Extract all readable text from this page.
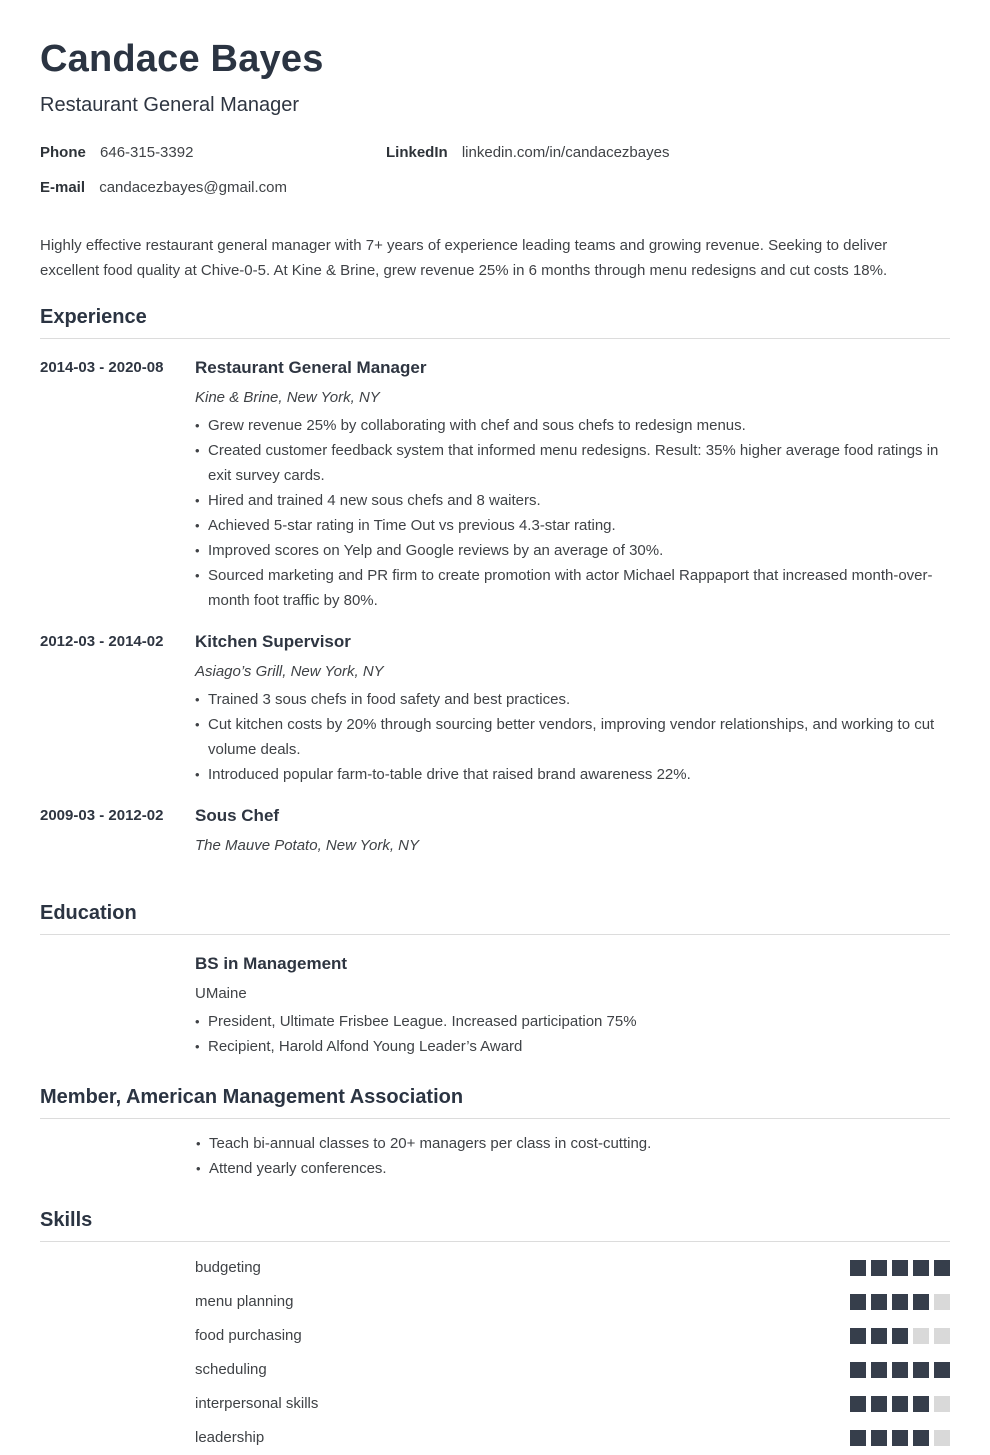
Candace Bayes
Restaurant General Manager
Phone 646-315-3392	LinkedIn linkedin.com/in/candacezbayes
E-mail candacezbayes@gmail.com

Highly effective restaurant general manager with 7+ years of experience leading teams and growing revenue. Seeking to deliver excellent food quality at Chive-0-5. At Kine & Brine, grew revenue 25% in 6 months through menu redesigns and cut costs 18%.

Experience
2014-03 - 2020-08	Restaurant General Manager
Kine & Brine, New York, NY
• Grew revenue 25% by collaborating with chef and sous chefs to redesign menus.
• Created customer feedback system that informed menu redesigns. Result: 35% higher average food ratings in exit survey cards.
• Hired and trained 4 new sous chefs and 8 waiters.
• Achieved 5-star rating in Time Out vs previous 4.3-star rating.
• Improved scores on Yelp and Google reviews by an average of 30%.
• Sourced marketing and PR firm to create promotion with actor Michael Rappaport that increased month-over-month foot traffic by 80%.
2012-03 - 2014-02	Kitchen Supervisor
Asiago’s Grill, New York, NY
• Trained 3 sous chefs in food safety and best practices.
• Cut kitchen costs by 20% through sourcing better vendors, improving vendor relationships, and working to cut volume deals.
• Introduced popular farm-to-table drive that raised brand awareness 22%.
2009-03 - 2012-02	Sous Chef
The Mauve Potato, New York, NY
Education
BS in Management
UMaine
• President, Ultimate Frisbee League. Increased participation 75%
• Recipient, Harold Alfond Young Leader’s Award
Member, American Management Association
• Teach bi-annual classes to 20+ managers per class in cost-cutting.
• Attend yearly conferences.
Skills
budgeting
menu planning
food purchasing
scheduling
interpersonal skills
leadership
